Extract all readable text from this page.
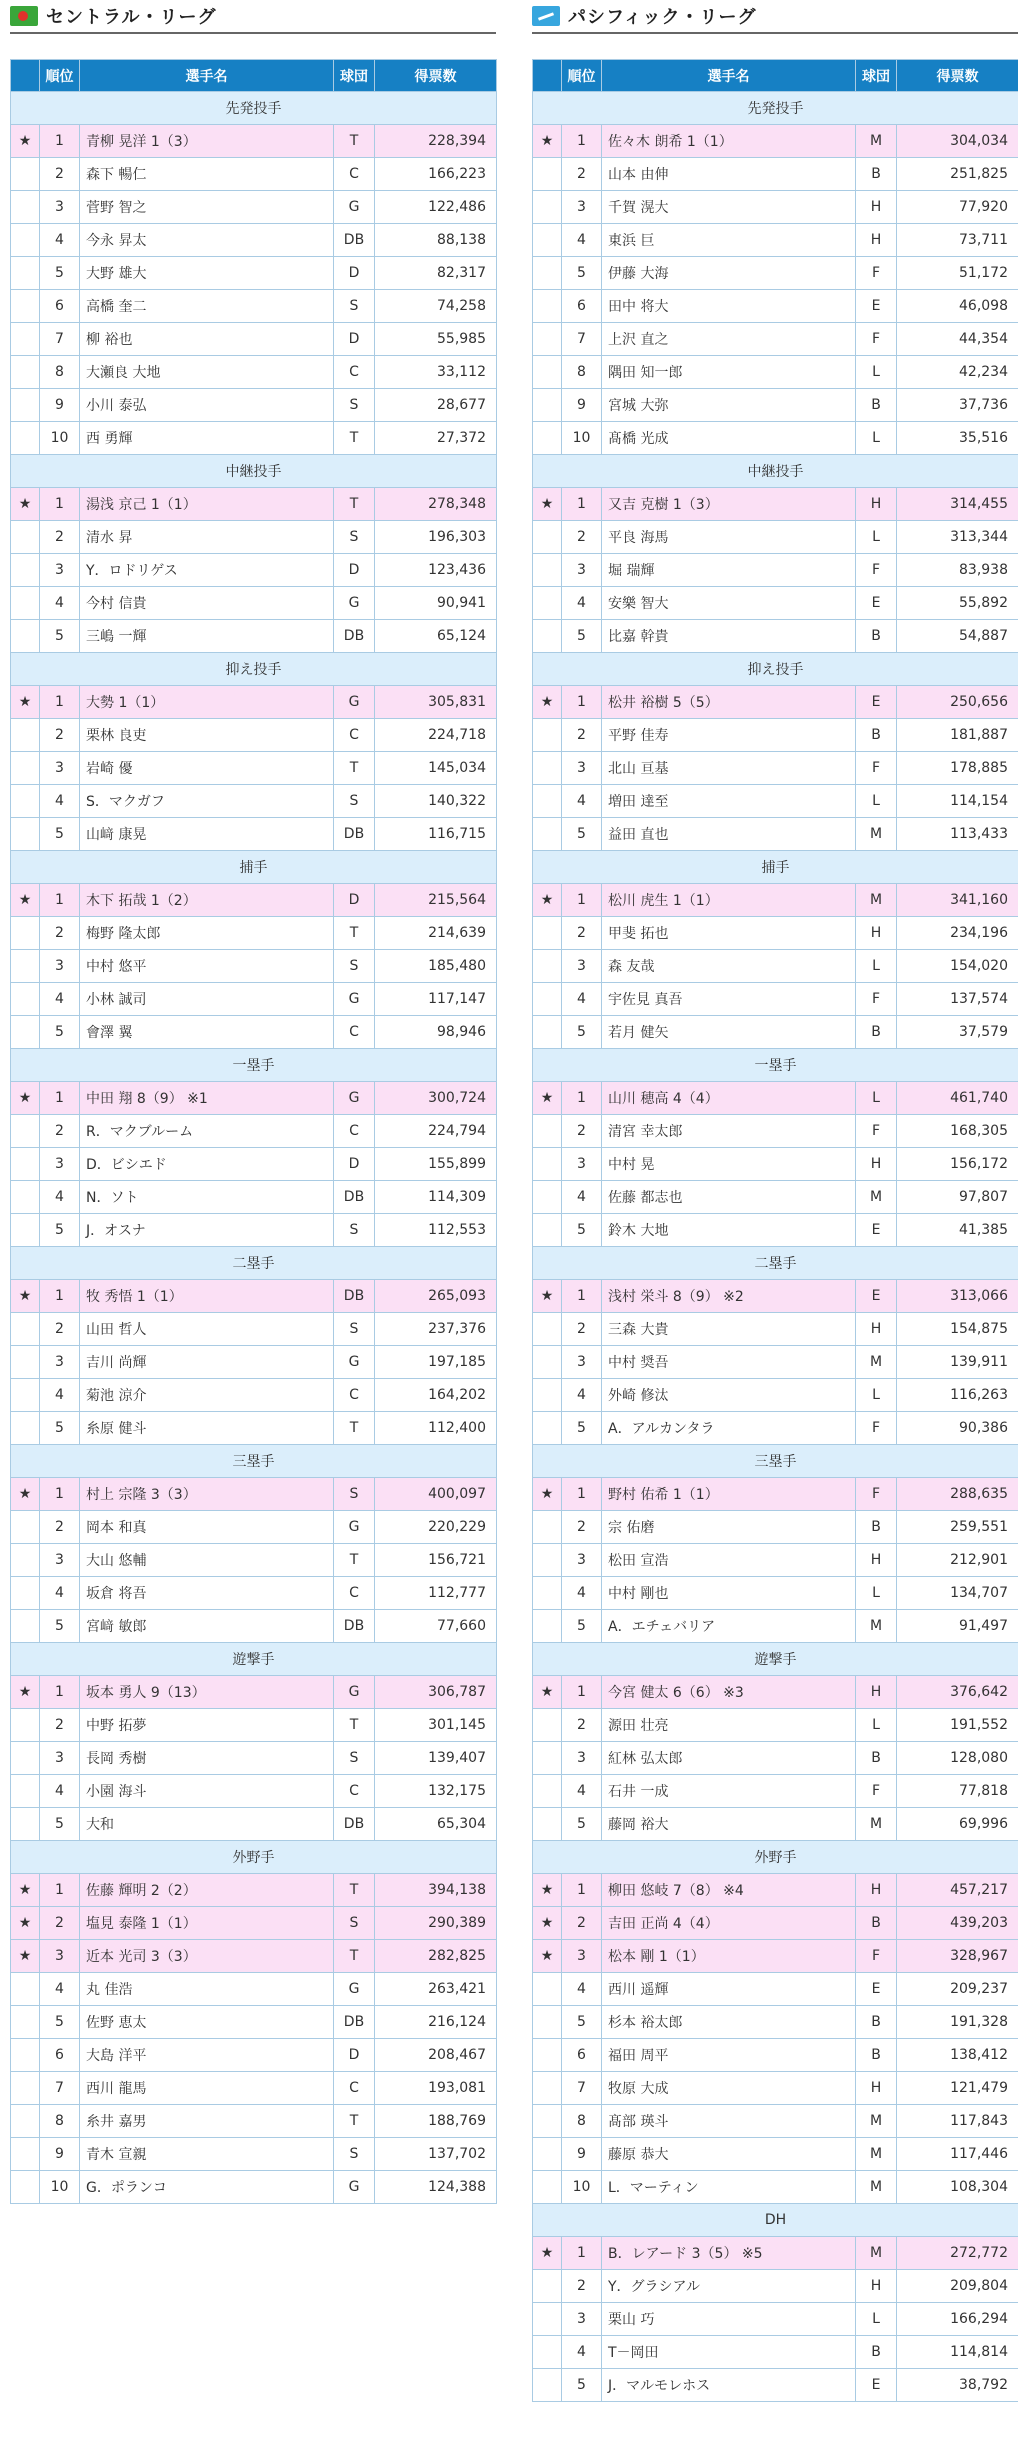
セントラル・リーグ
	順位	選手名	球団	得票数
先発投手				
★	1	青柳 晃洋 1（3）	T	228,394
	2	森下 暢仁	C	166,223
	3	菅野 智之	G	122,486
	4	今永 昇太	DB	88,138
	5	大野 雄大	D	82,317
	6	高橋 奎二	S	74,258
	7	柳 裕也	D	55,985
	8	大瀬良 大地	C	33,112
	9	小川 泰弘	S	28,677
	10	西 勇輝	T	27,372
中継投手				
★	1	湯浅 京己 1（1）	T	278,348
	2	清水 昇	S	196,303
	3	Y．ロドリゲス	D	123,436
	4	今村 信貴	G	90,941
	5	三嶋 一輝	DB	65,124
抑え投手				
★	1	大勢 1（1）	G	305,831
	2	栗林 良吏	C	224,718
	3	岩崎 優	T	145,034
	4	S．マクガフ	S	140,322
	5	山﨑 康晃	DB	116,715
捕手				
★	1	木下 拓哉 1（2）	D	215,564
	2	梅野 隆太郎	T	214,639
	3	中村 悠平	S	185,480
	4	小林 誠司	G	117,147
	5	會澤 翼	C	98,946
一塁手				
★	1	中田 翔 8（9） ※1	G	300,724
	2	R．マクブルーム	C	224,794
	3	D．ビシエド	D	155,899
	4	N．ソト	DB	114,309
	5	J．オスナ	S	112,553
二塁手				
★	1	牧 秀悟 1（1）	DB	265,093
	2	山田 哲人	S	237,376
	3	吉川 尚輝	G	197,185
	4	菊池 涼介	C	164,202
	5	糸原 健斗	T	112,400
三塁手				
★	1	村上 宗隆 3（3）	S	400,097
	2	岡本 和真	G	220,229
	3	大山 悠輔	T	156,721
	4	坂倉 将吾	C	112,777
	5	宮﨑 敏郎	DB	77,660
遊撃手				
★	1	坂本 勇人 9（13）	G	306,787
	2	中野 拓夢	T	301,145
	3	長岡 秀樹	S	139,407
	4	小園 海斗	C	132,175
	5	大和	DB	65,304
外野手				
★	1	佐藤 輝明 2（2）	T	394,138
★	2	塩見 泰隆 1（1）	S	290,389
★	3	近本 光司 3（3）	T	282,825
	4	丸 佳浩	G	263,421
	5	佐野 恵太	DB	216,124
	6	大島 洋平	D	208,467
	7	西川 龍馬	C	193,081
	8	糸井 嘉男	T	188,769
	9	青木 宣親	S	137,702
	10	G．ポランコ	G	124,388
パシフィック・リーグ
	順位	選手名	球団	得票数
先発投手				
★	1	佐々木 朗希 1（1）	M	304,034
	2	山本 由伸	B	251,825
	3	千賀 滉大	H	77,920
	4	東浜 巨	H	73,711
	5	伊藤 大海	F	51,172
	6	田中 将大	E	46,098
	7	上沢 直之	F	44,354
	8	隅田 知一郎	L	42,234
	9	宮城 大弥	B	37,736
	10	髙橋 光成	L	35,516
中継投手				
★	1	又吉 克樹 1（3）	H	314,455
	2	平良 海馬	L	313,344
	3	堀 瑞輝	F	83,938
	4	安樂 智大	E	55,892
	5	比嘉 幹貴	B	54,887
抑え投手				
★	1	松井 裕樹 5（5）	E	250,656
	2	平野 佳寿	B	181,887
	3	北山 亘基	F	178,885
	4	増田 達至	L	114,154
	5	益田 直也	M	113,433
捕手				
★	1	松川 虎生 1（1）	M	341,160
	2	甲斐 拓也	H	234,196
	3	森 友哉	L	154,020
	4	宇佐見 真吾	F	137,574
	5	若月 健矢	B	37,579
一塁手				
★	1	山川 穂高 4（4）	L	461,740
	2	清宮 幸太郎	F	168,305
	3	中村 晃	H	156,172
	4	佐藤 都志也	M	97,807
	5	鈴木 大地	E	41,385
二塁手				
★	1	浅村 栄斗 8（9） ※2	E	313,066
	2	三森 大貴	H	154,875
	3	中村 奨吾	M	139,911
	4	外崎 修汰	L	116,263
	5	A．アルカンタラ	F	90,386
三塁手				
★	1	野村 佑希 1（1）	F	288,635
	2	宗 佑磨	B	259,551
	3	松田 宣浩	H	212,901
	4	中村 剛也	L	134,707
	5	A．エチェバリア	M	91,497
遊撃手				
★	1	今宮 健太 6（6） ※3	H	376,642
	2	源田 壮亮	L	191,552
	3	紅林 弘太郎	B	128,080
	4	石井 一成	F	77,818
	5	藤岡 裕大	M	69,996
外野手				
★	1	柳田 悠岐 7（8） ※4	H	457,217
★	2	吉田 正尚 4（4）	B	439,203
★	3	松本 剛 1（1）	F	328,967
	4	西川 遥輝	E	209,237
	5	杉本 裕太郎	B	191,328
	6	福田 周平	B	138,412
	7	牧原 大成	H	121,479
	8	髙部 瑛斗	M	117,843
	9	藤原 恭大	M	117,446
	10	L．マーティン	M	108,304
DH				
★	1	B．レアード 3（5） ※5	M	272,772
	2	Y．グラシアル	H	209,804
	3	栗山 巧	L	166,294
	4	T－岡田	B	114,814
	5	J．マルモレホス	E	38,792
